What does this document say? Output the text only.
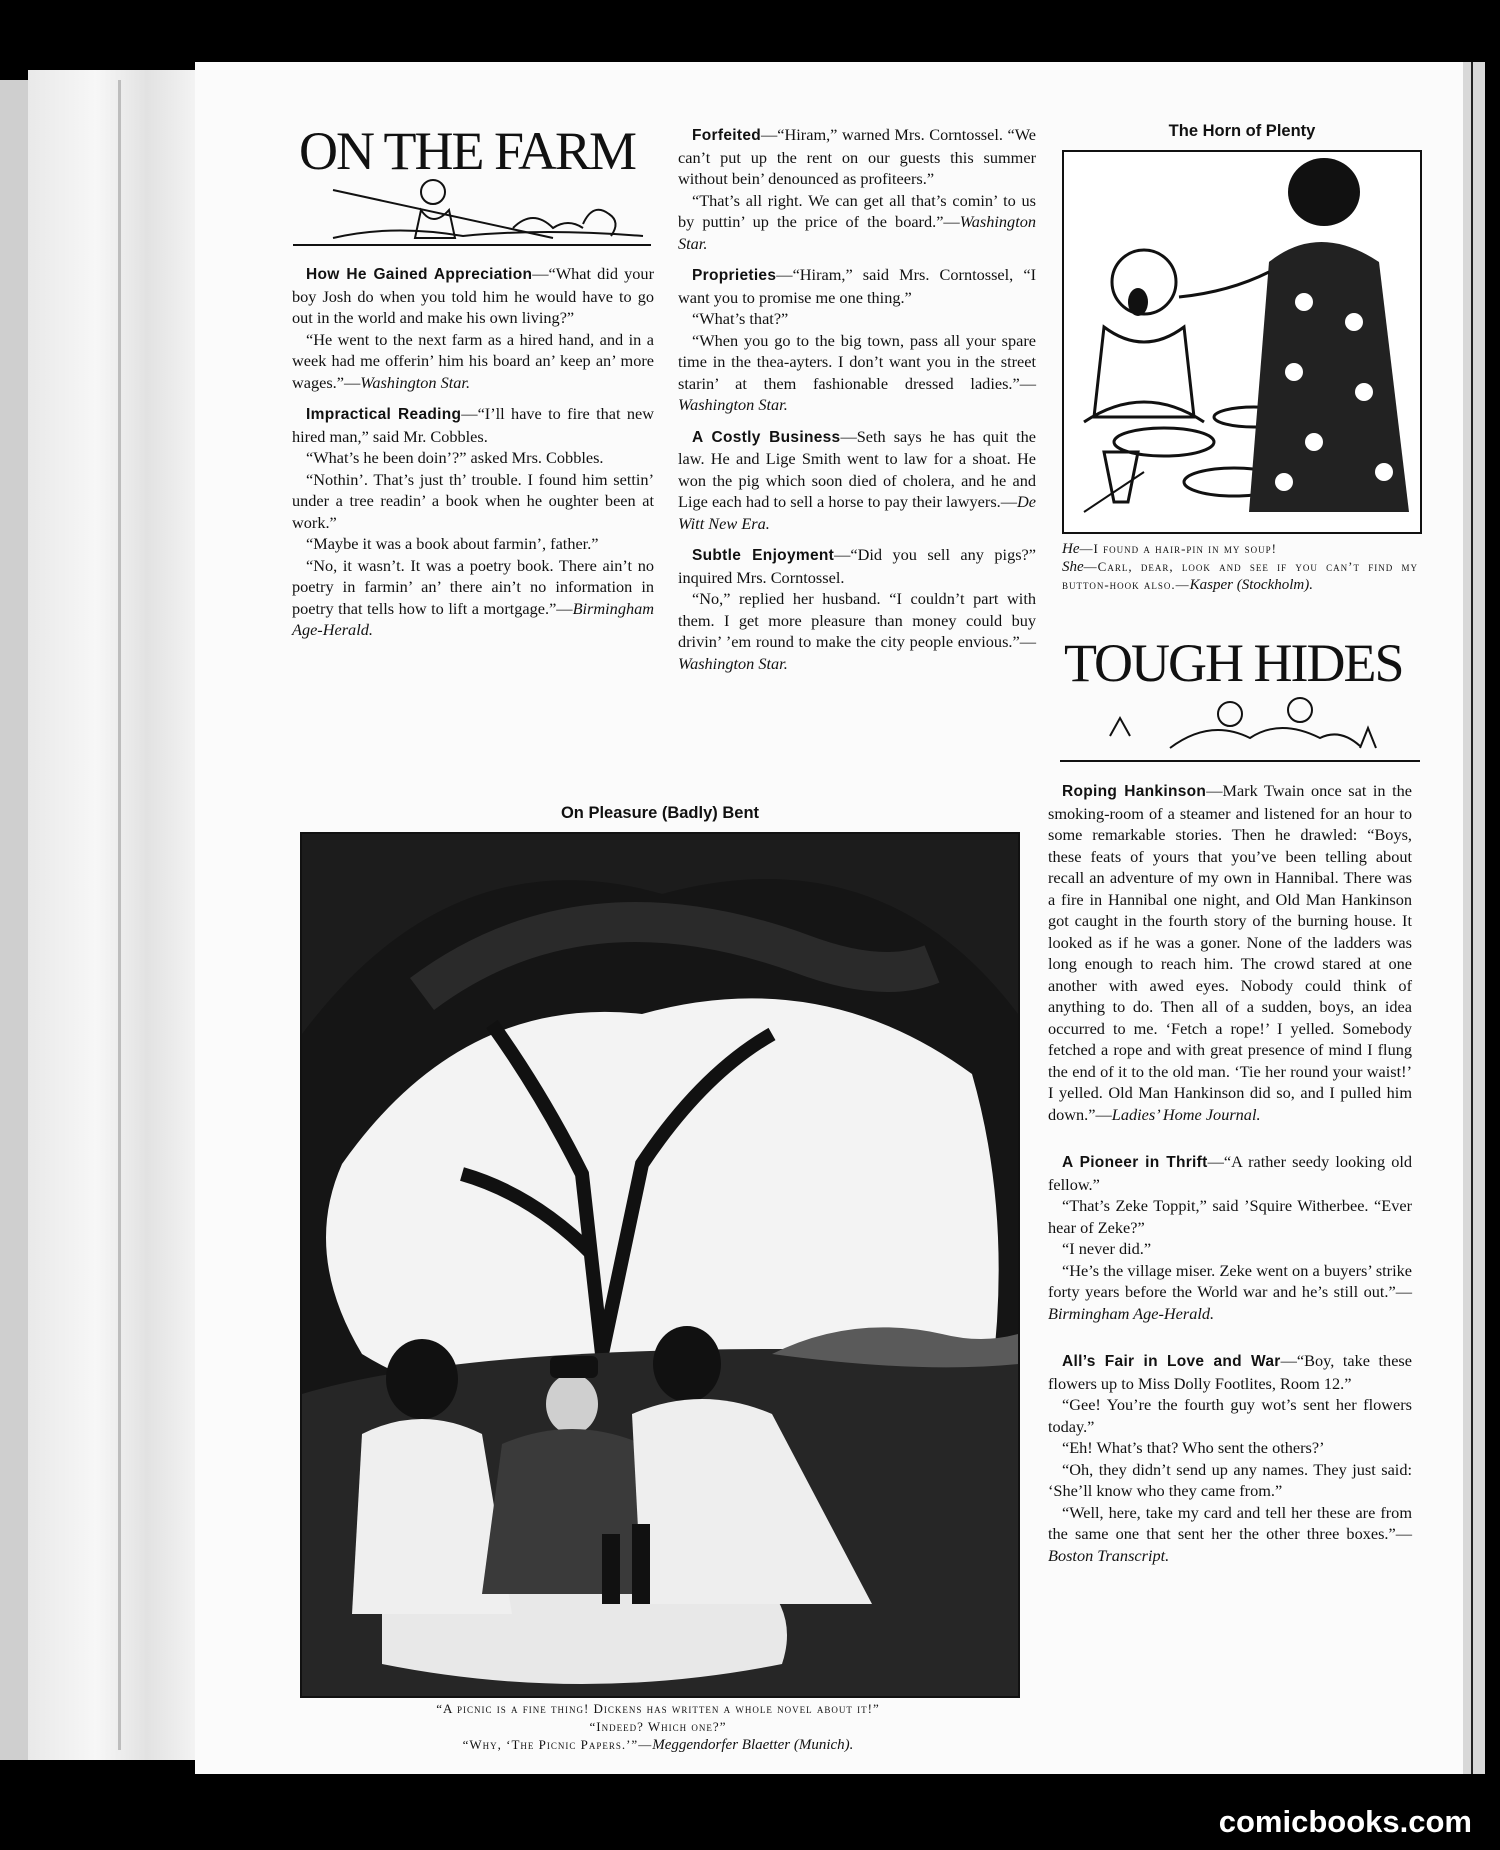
ON THE FARM

How He Gained Appreciation—“What did your boy Josh do when you told him he would have to go out in the world and make his own living?”

“He went to the next farm as a hired hand, and in a week had me offerin’ him his board an’ keep an’ more wages.”—Washington Star.

Impractical Reading—“I’ll have to fire that new hired man,” said Mr. Cobbles.

“What’s he been doin’?” asked Mrs. Cobbles.

“Nothin’. That’s just th’ trouble. I found him settin’ under a tree readin’ a book when he oughter been at work.”

“Maybe it was a book about farmin’, father.”

“No, it wasn’t. It was a poetry book. There ain’t no poetry in farmin’ an’ there ain’t no information in poetry that tells how to lift a mortgage.”—Birmingham Age-Herald.

Forfeited—“Hiram,” warned Mrs. Corntossel. “We can’t put up the rent on our guests this summer without bein’ denounced as profiteers.”

“That’s all right. We can get all that’s comin’ to us by puttin’ up the price of the board.”—Washington Star.

Proprieties—“Hiram,” said Mrs. Corntossel, “I want you to promise me one thing.”

“What’s that?”

“When you go to the big town, pass all your spare time in the thea-ayters. I don’t want you in the street starin’ at them fashionable dressed ladies.”—Washington Star.

A Costly Business—Seth says he has quit the law. He and Lige Smith went to law for a shoat. He won the pig which soon died of cholera, and he and Lige each had to sell a horse to pay their lawyers.—De Witt New Era.

Subtle Enjoyment—“Did you sell any pigs?” inquired Mrs. Corntossel.

“No,” replied her husband. “I couldn’t part with them. I get more pleasure than money could buy drivin’ ’em round to make the city people envious.”—Washington Star.

The Horn of Plenty
He—I found a hair-pin in my soup!
She—Carl, dear, look and see if you can’t find my button-hook also.—Kasper (Stockholm).
TOUGH HIDES

Roping Hankinson—Mark Twain once sat in the smoking-room of a steamer and listened for an hour to some remarkable stories. Then he drawled: “Boys, these feats of yours that you’ve been telling about recall an adventure of my own in Hannibal. There was a fire in Hannibal one night, and Old Man Hankinson got caught in the fourth story of the burning house. It looked as if he was a goner. None of the ladders was long enough to reach him. The crowd stared at one another with awed eyes. Nobody could think of anything to do. Then all of a sudden, boys, an idea occurred to me. ‘Fetch a rope!’ I yelled. Somebody fetched a rope and with great presence of mind I flung the end of it to the old man. ‘Tie her round your waist!’ I yelled. Old Man Hankinson did so, and I pulled him down.”—Ladies’ Home Journal.

A Pioneer in Thrift—“A rather seedy looking old fellow.”

“That’s Zeke Toppit,” said ’Squire Witherbee. “Ever hear of Zeke?”

“I never did.”

“He’s the village miser. Zeke went on a buyers’ strike forty years before the World war and he’s still out.”—Birmingham Age-Herald.

All’s Fair in Love and War—“Boy, take these flowers up to Miss Dolly Footlites, Room 12.”

“Gee! You’re the fourth guy wot’s sent her flowers today.”

“Eh! What’s that? Who sent the others?’

“Oh, they didn’t send up any names. They just said: ‘She’ll know who they came from.”

“Well, here, take my card and tell her these are from the same one that sent her the other three boxes.”—Boston Transcript.

On Pleasure (Badly) Bent
“A picnic is a fine thing! Dickens has written a whole novel about it!”
“Indeed? Which one?”
“Why, ‘The Picnic Papers.’”—Meggendorfer Blaetter (Munich).
comicbooks.com
